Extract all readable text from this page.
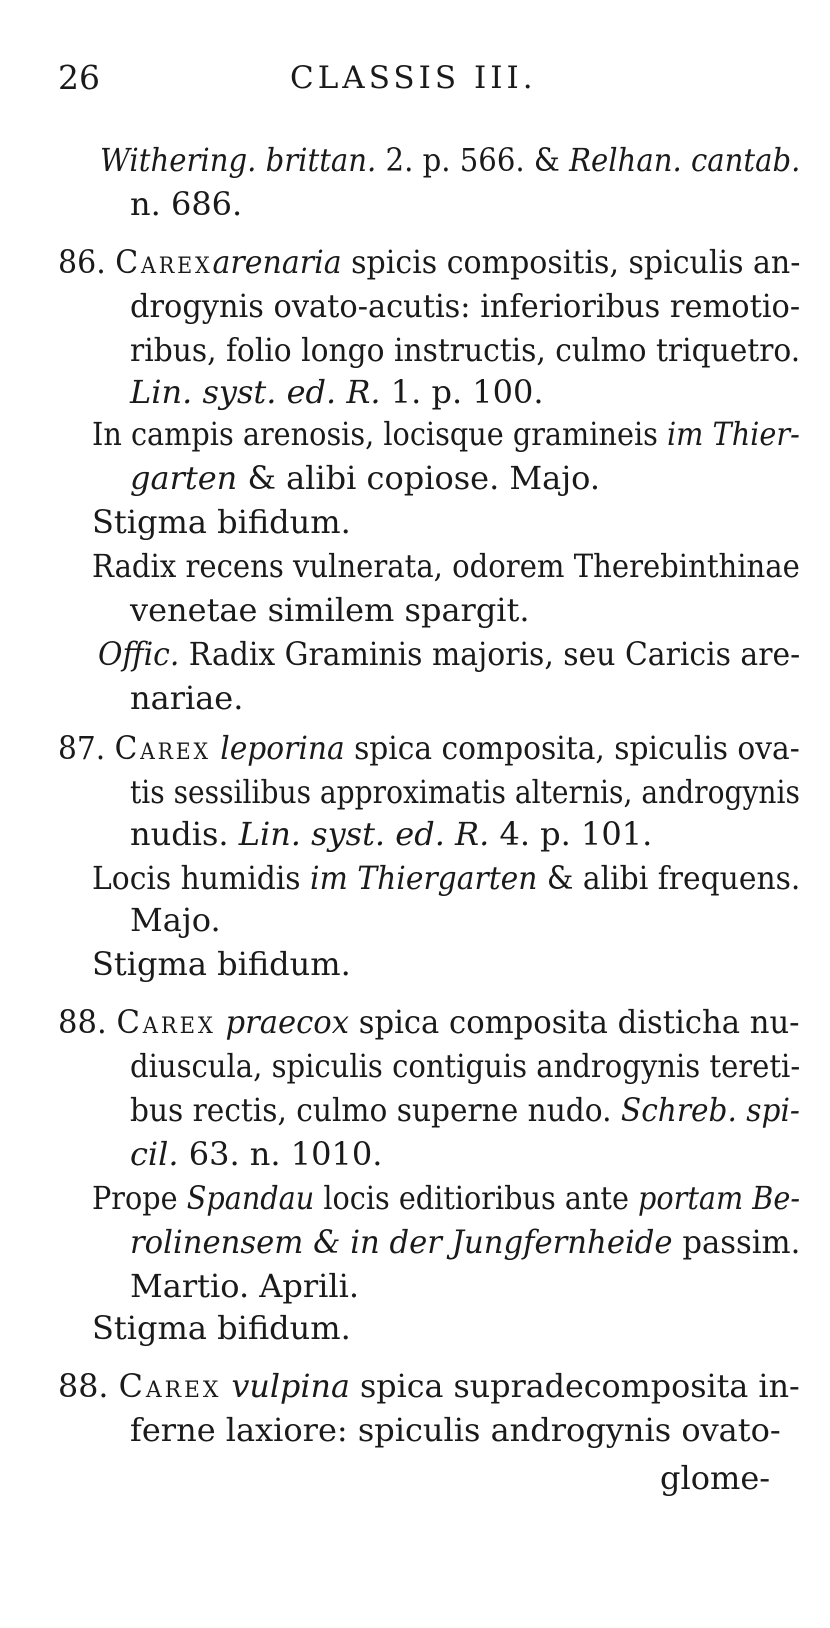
26	CLASSIS III.
Withering. brittan. 2. p. 566. & Relhan. cantab.
n. 686.
86. Carexarenaria spicis compositis, spiculis an-
drogynis ovato-acutis: inferioribus remotio-
ribus, folio longo instructis, culmo triquetro.
Lin. syst. ed. R. 1. p. 100.
In campis arenosis, locisque gramineis im Thier-
garten & alibi copiose. Majo.
Stigma bifidum.
Radix recens vulnerata, odorem Therebinthinae
venetae similem spargit.
Offic. Radix Graminis majoris, seu Caricis are-
nariae.
87. Carex leporina spica composita, spiculis ova-
tis sessilibus approximatis alternis, androgynis
nudis. Lin. syst. ed. R. 4. p. 101.
Locis humidis im Thiergarten & alibi frequens.
Majo.
Stigma bifidum.
88. Carex praecox spica composita disticha nu-
diuscula, spiculis contiguis androgynis tereti-
bus rectis, culmo superne nudo. Schreb. spi-
cil. 63. n. 1010.
Prope Spandau locis editioribus ante portam Be-
rolinensem & in der Jungfernheide passim.
Martio. Aprili.
Stigma bifidum.
88. Carex vulpina spica supradecomposita in-
ferne laxiore: spiculis androgynis ovato-
glome-
